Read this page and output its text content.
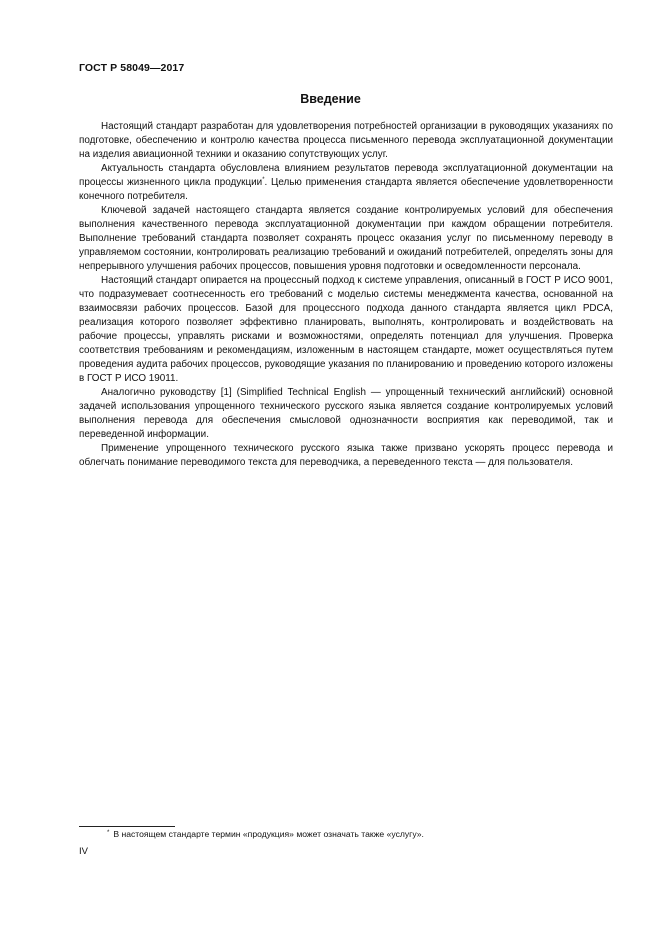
ГОСТ Р 58049—2017
Введение

Настоящий стандарт разработан для удовлетворения потребностей организации в руководящих указаниях по подготовке, обеспечению и контролю качества процесса письменного перевода эксплуатационной документации на изделия авиационной техники и оказанию сопутствующих услуг.

Актуальность стандарта обусловлена влиянием результатов перевода эксплуатационной документации на процессы жизненного цикла продукции*. Целью применения стандарта является обеспечение удовлетворенности конечного потребителя.

Ключевой задачей настоящего стандарта является создание контролируемых условий для обеспечения выполнения качественного перевода эксплуатационной документации при каждом обращении потребителя. Выполнение требований стандарта позволяет сохранять процесс оказания услуг по письменному переводу в управляемом состоянии, контролировать реализацию требований и ожиданий потребителей, определять зоны для непрерывного улучшения рабочих процессов, повышения уровня подготовки и осведомленности персонала.

Настоящий стандарт опирается на процессный подход к системе управления, описанный в ГОСТ Р ИСО 9001, что подразумевает соотнесенность его требований с моделью системы менеджмента качества, основанной на взаимосвязи рабочих процессов. Базой для процессного подхода данного стандарта является цикл PDCA, реализация которого позволяет эффективно планировать, выполнять, контролировать и воздействовать на рабочие процессы, управлять рисками и возможностями, определять потенциал для улучшения. Проверка соответствия требованиям и рекомендациям, изложенным в настоящем стандарте, может осуществляться путем проведения аудита рабочих процессов, руководящие указания по планированию и проведению которого изложены в ГОСТ Р ИСО 19011.

Аналогично руководству [1] (Simplified Technical English — упрощенный технический английский) основной задачей использования упрощенного технического русского языка является создание контролируемых условий выполнения перевода для обеспечения смысловой однозначности восприятия как переводимой, так и переведенной информации.

Применение упрощенного технического русского языка также призвано ускорять процесс перевода и облегчать понимание переводимого текста для переводчика, а переведенного текста — для пользователя.

* В настоящем стандарте термин «продукция» может означать также «услугу».
IV
